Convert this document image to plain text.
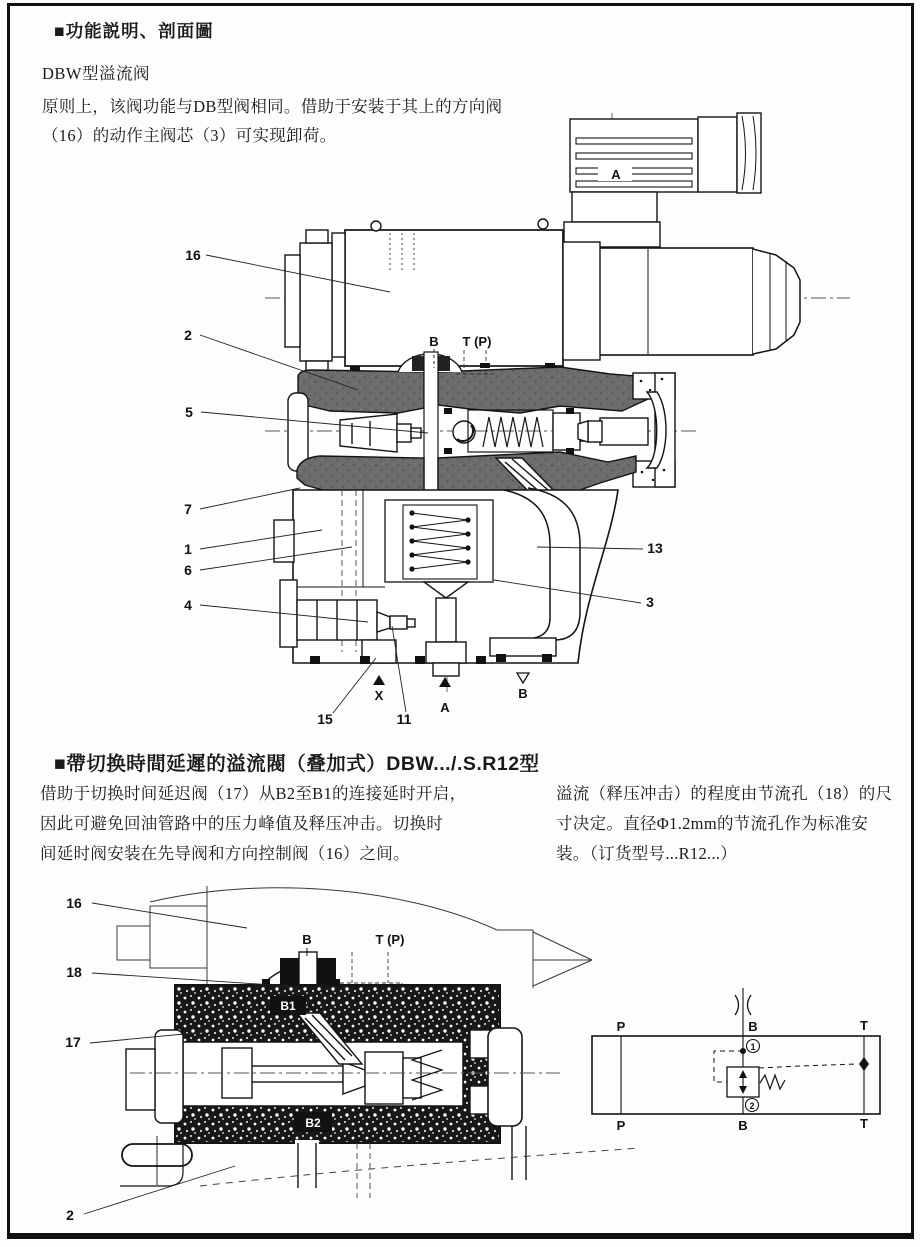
■功能説明、剖面圖
DBW型溢流阀
原则上，该阀功能与DB型阀相同。借助于安装于其上的方向阀
（16）的动作主阀芯（3）可实现卸荷。
■帶切换時間延遲的溢流閥（叠加式）DBW.../.S.R12型
借助于切换时间延迟阀（17）从B2至B1的连接延时开启，
因此可避免回油管路中的压力峰值及释压冲击。切换时
间延时阀安装在先导阀和方向控制阀（16）之间。
溢流（释压冲击）的程度由节流孔（18）的尺
寸决定。直径Φ1.2mm的节流孔作为标准安
装。（订货型号...R12...）
16
2
5
7
1
6
4
15	11
13
3
A
B T (P)
X
A
B
16
18
17
2
B	T (P)
B1
B2
P	B	T
P	B	T
1
2
